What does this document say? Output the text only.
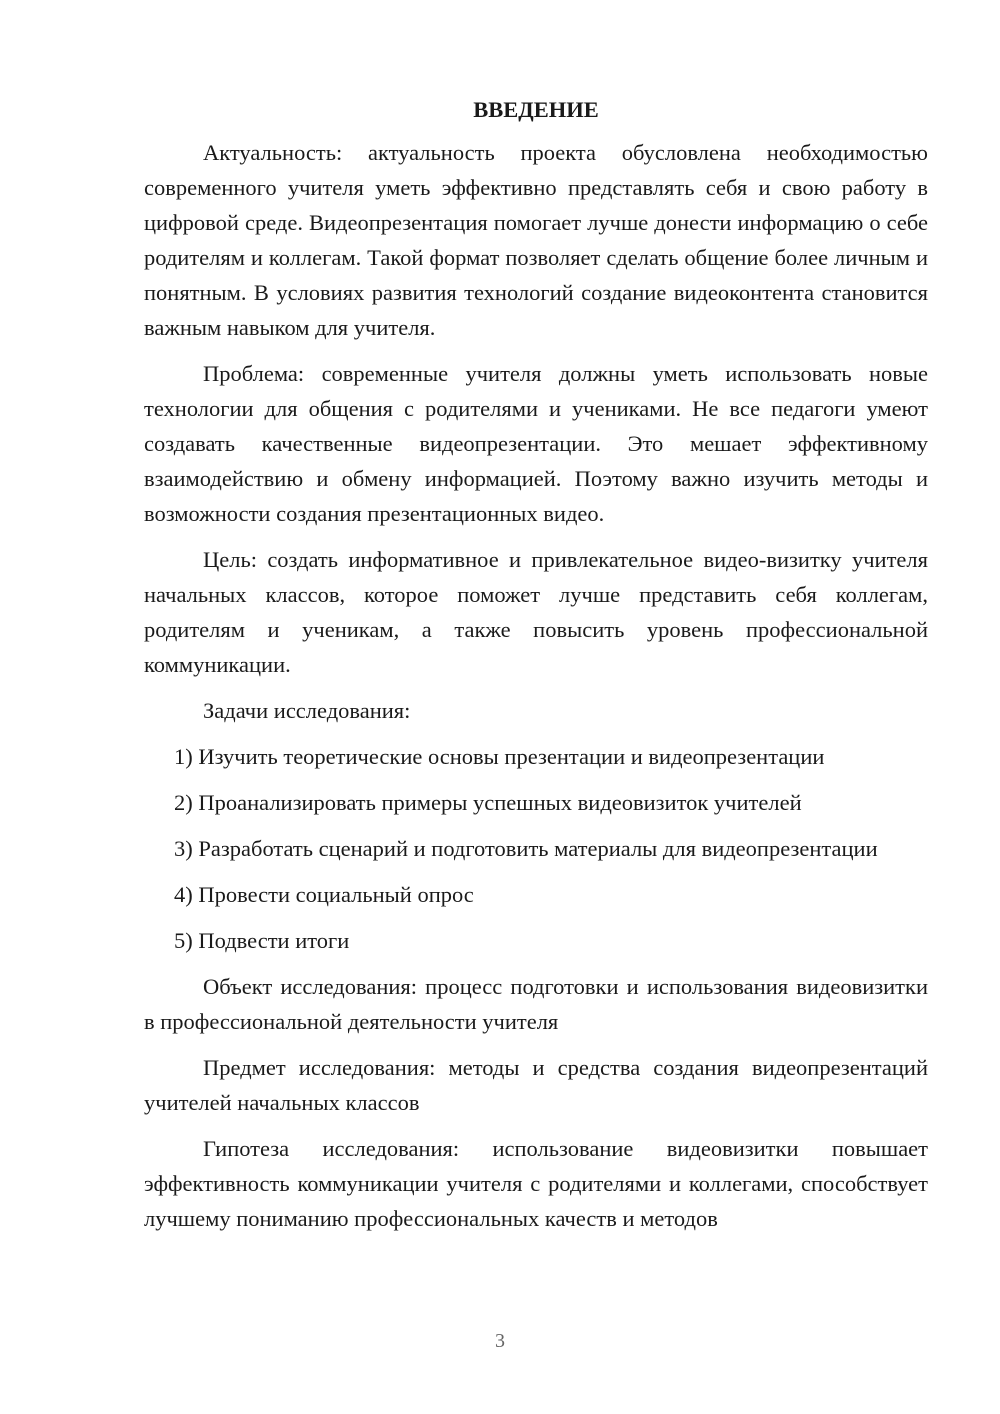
ВВЕДЕНИЕ

Актуальность: актуальность проекта обусловлена необходимостью современного учителя уметь эффективно представлять себя и свою работу в цифровой среде. Видеопрезентация помогает лучше донести информацию о себе родителям и коллегам. Такой формат позволяет сделать общение более личным и понятным. В условиях развития технологий создание видеоконтента становится важным навыком для учителя.

Проблема: современные учителя должны уметь использовать новые технологии для общения с родителями и учениками. Не все педагоги умеют создавать качественные видеопрезентации. Это мешает эффективному взаимодействию и обмену информацией. Поэтому важно изучить методы и возможности создания презентационных видео.

Цель: создать информативное и привлекательное видео-визитку учителя начальных классов, которое поможет лучше представить себя коллегам, родителям и ученикам, а также повысить уровень профессиональной коммуникации.

Задачи исследования:

1) Изучить теоретические основы презентации и видеопрезентации

2) Проанализировать примеры успешных видеовизиток учителей

3) Разработать сценарий и подготовить материалы для видеопрезентации

4) Провести социальный опрос

5) Подвести итоги

Объект исследования: процесс подготовки и использования видеовизитки в профессиональной деятельности учителя

Предмет исследования: методы и средства создания видеопрезентаций учителей начальных классов

Гипотеза исследования: использование видеовизитки повышает эффективность коммуникации учителя с родителями и коллегами, способствует лучшему пониманию профессиональных качеств и методов

3
